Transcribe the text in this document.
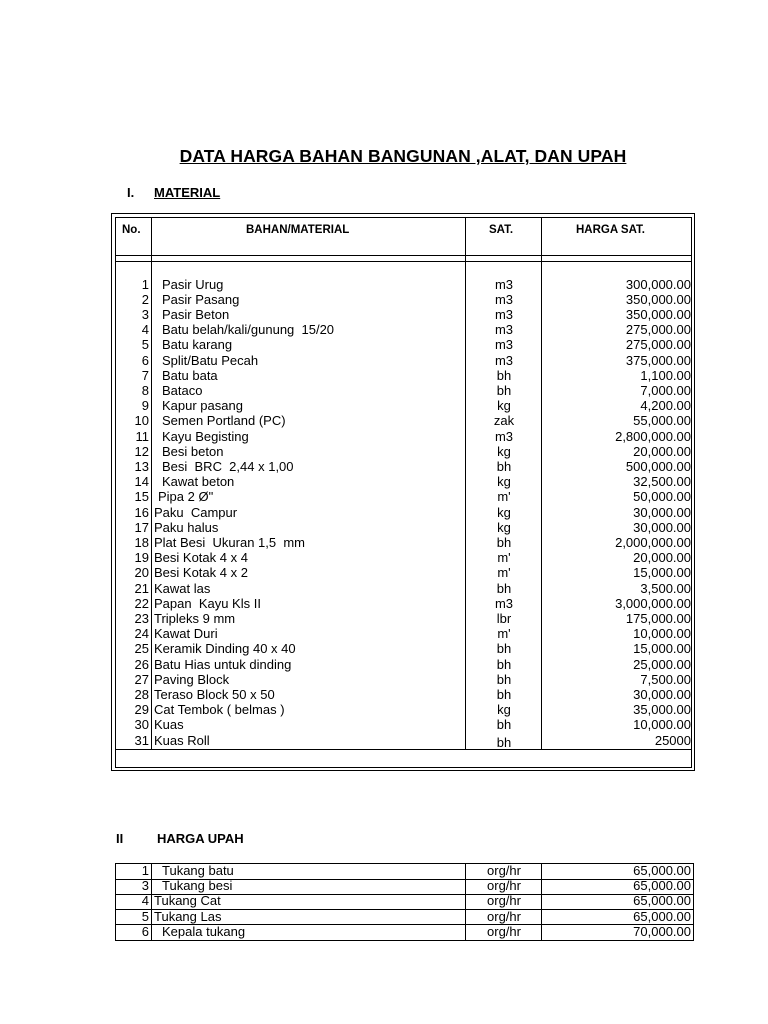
DATA HARGA BAHAN BANGUNAN ,ALAT, DAN UPAH
I. MATERIAL
No.	BAHAN/MATERIAL	SAT.	HARGA SAT.
1 Pasir Urug	m3	300,000.00
2 Pasir Pasang	m3	350,000.00
3 Pasir Beton	m3	350,000.00
4 Batu belah/kali/gunung  15/20	m3	275,000.00
5 Batu karang	m3	275,000.00
6 Split/Batu Pecah	m3	375,000.00
7 Batu bata	bh	1,100.00
8 Bataco	bh	7,000.00
9 Kapur pasang	kg	4,200.00
10 Semen Portland (PC)	zak	55,000.00
11 Kayu Begisting	m3	2,800,000.00
12 Besi beton	kg	20,000.00
13 Besi  BRC  2,44 x 1,00	bh	500,000.00
14 Kawat beton	kg	32,500.00
15 Pipa 2 Ø"	m'	50,000.00
16 Paku  Campur	kg	30,000.00
17 Paku halus	kg	30,000.00
18 Plat Besi  Ukuran 1,5  mm	bh	2,000,000.00
19 Besi Kotak 4 x 4	m'	20,000.00
20 Besi Kotak 4 x 2	m'	15,000.00
21 Kawat las	bh	3,500.00
22 Papan  Kayu Kls II	m3	3,000,000.00
23 Tripleks 9 mm	lbr	175,000.00
24 Kawat Duri	m'	10,000.00
25 Keramik Dinding 40 x 40	bh	15,000.00
26 Batu Hias untuk dinding	bh	25,000.00
27 Paving Block	bh	7,500.00
28 Teraso Block 50 x 50	bh	30,000.00
29 Cat Tembok ( belmas )	kg	35,000.00
30 Kuas	bh	10,000.00
31 Kuas Roll	bh	25000
II	HARGA UPAH
1 Tukang batu	org/hr	65,000.00
3 Tukang besi	org/hr	65,000.00
4 Tukang Cat	org/hr	65,000.00
5 Tukang Las	org/hr	65,000.00
6 Kepala tukang	org/hr	70,000.00
